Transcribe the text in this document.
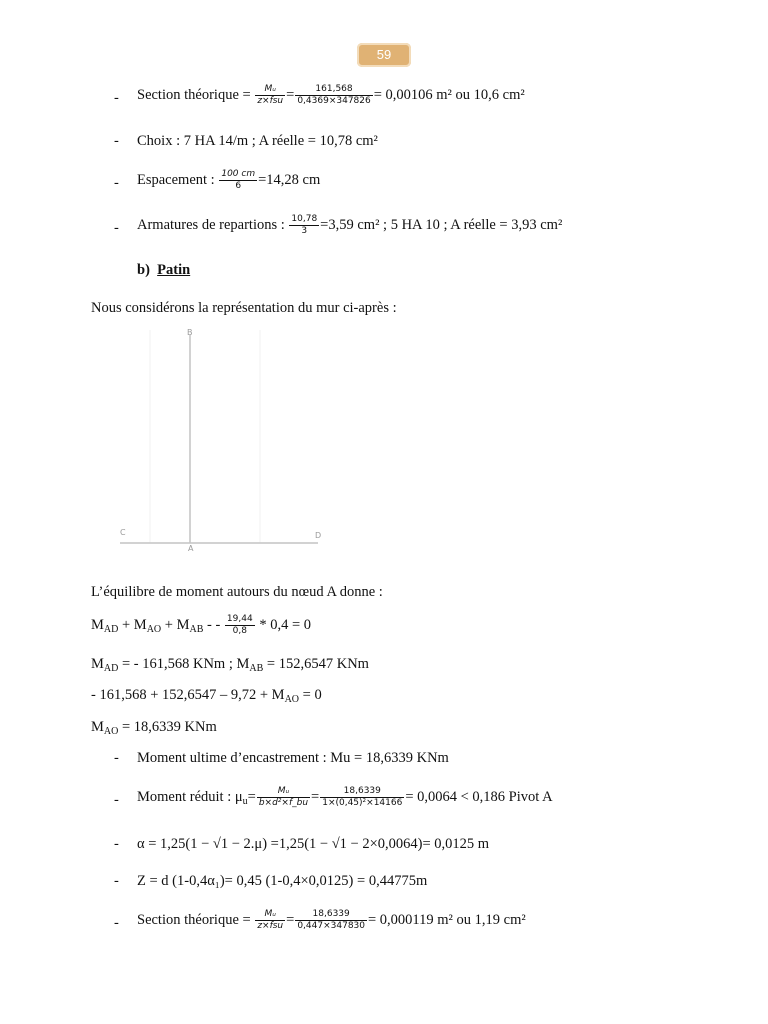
59
- Section théorique = $\frac{\text{Mᵤ}}{\text{z×fsu}} = \frac{161,568}{0,4369\times 347826} = 0,00106$ m² ou 10,6 cm²
- Choix : 7 HA 14/m ; A réelle = 10,78 cm²
- Espacement : $\frac{100 cm}{6} =14,28$ cm
- Armatures de repartions : $\frac{10,78}{3} =3,59$ cm² ; 5 HA 10 ; A réelle = 3,93 cm²
b) Patin
Nous considérons la représentation du mur ci-après :
B
C
A
D
L’équilibre de moment autours du nœud A donne :
$M_{AD} + M_{AO} + M_{AB}$ - - $\frac{19,44}{0,8} * 0,4 = 0$
$M_{AD}$ = - 161,568 KNm ; $M_{AB} = 152,6547$ KNm
- $161,568 + 152,6547 - 9,72 + M_{AO} = 0$
$M_{AO} = 18,6339$ KNm
- Moment ultime d’encastrement : Mu = 18,6339 KNm
- Moment réduit : $\mu_u= \frac{\text{Mᵤ}}{\text{b×d²×f\_bu}} = \frac{18,6339}{\text{1×(0,45)²×14166}} = 0,0064 < 0,186$ Pivot A
- α = 1,25(1 − √1 − 2.μ) =1,25(1 − √1 − 2×0,0064)= 0,0125 m
- Z = d (1-0,4α₁)= 0,45 (1-0,4×0,0125) = 0,44775m
- Section théorique = $\frac{\text{Mᵤ}}{\text{z×fsu}} = \frac{18,6339}{0,447\times 347830} = 0,000119$ m² ou 1,19 cm²
